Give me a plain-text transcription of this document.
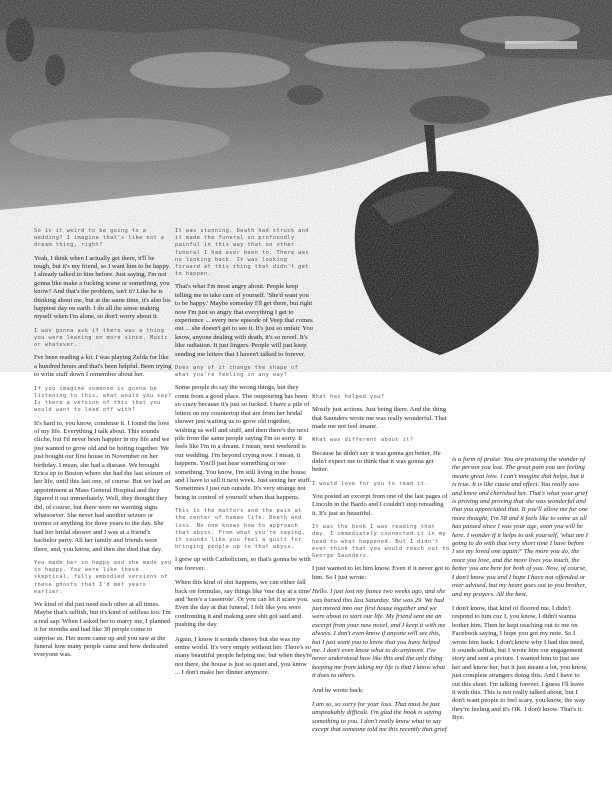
So is it weird to be going to a wedding? I imagine that's like not a dream thing, right?

Yeah, I think when I actually get there, it'll be tough, but it's my friend, so I want him to be happy. I already talked to him before. Just saying, I'm not gonna like make a fucking scene or something, you know? And that's the problem, isn't it? Like he is thinking about me, but at the same time, it's also his happiest day on earth. I do all the sense making myself when I'm alone, so don't worry about it.

I was gonna ask if there was a thing you were leaning on more since. Music or whatever.

I've been reading a lot. I was playing Zelda for like a hundred hours and that's been helpful. Been trying to write stuff down I remember about her.

If you imagine someone is gonna be listening to this, what would you say? Is there a version of this that you would want to lead off with?

It's hard to, you know, condense it. I found the love of my life. Everything I talk about. This sounds cliche, but I'd never been happier in my life and we just wanted to grow old and be boring together. We just bought our first house in November on her birthday. I mean, she had a disease. We brought Erica up to Boston where she had the last seizure of her life, until this last one, of course. But we had an appointment at Mass General Hospital and they figured it out immediately. Well, they thought they did, of course, but there were no warning signs whatsoever. She never had another seizure or tremor or anything for three years to the day. She had her bridal shower and I was at a friend's bachelor party. All her family and friends were there, and, you know, and then she died that day.

You made her so happy and she made you so happy. You were like these skeptical, fully embodied versions of these ghosts that I'd met years earlier.

We kind of did just need each other at all times. Maybe that's selfish, but it's kind of selfless too. I'm a real sap. When I asked her to marry me, I planned it for months and had like 30 people come to surprise us. Her mom came up and you saw at the funeral how many people came and how dedicated everyone was.

It was stunning. Death had struck and it made the funeral so profoundly painful in this way that no other funeral I had ever been to. There was no looking back. It was looking forward at this thing that didn't get to happen.

That's what I'm most angry about. People keep telling me to take care of yourself. 'She'd want you to be happy.' Maybe someday I'll get there, but right now I'm just so angry that everything I get to experience ... every new episode of Veep that comes out ... she doesn't get to see it. It's just so unfair. You know, anyone dealing with death, it's so novel. It's like radiation. It just lingers. People will just keep sending me letters that I haven't talked to forever.

Does any of it change the shape of what you're feeling in any way?

Some people do say the wrong things, but they come from a good place. The outpouring has been so crazy because it's just so fucked. I have a pile of letters on my countertop that are from her bridal shower just waiting us to grow old together, wishing us well and stuff, and then there's the next pile from the same people saying I'm so sorry. It feels like I'm in a dream. I mean, next weekend is our wedding. I'm beyond crying now. I mean, it happens. You'll just hear something or see something. You know, I'm still living in the house and I have to sell it next week. Just seeing her stuff. Sometimes I just run outside. It's very strange not being in control of yourself when that happens.

This is the matters and the pain at the center of human life. Death and loss. No one knows how to approach that abyss. From what you're saying, it sounds like you feel a guilt for bringing people up to that abyss.

I grew up with Catholicism, so that's gonna be with me forever.

When this kind of shit happens, we can either fall back on formulas, say things like 'one day at a time' and 'here's a casserole'. Or you can let it scare you. Even the day at that funeral, I felt like you were confronting it and making sure shit got said and pushing the day.

Again, I know it sounds cheesy but she was my entire world. It's very empty without her. There's so many beautiful people helping me, but when they're not there, the house is just so quiet and, you know ... I don't make her dinner anymore.

What has helped you?

Mostly just actions. Just being there. And the thing that Saunders wrote me was really wonderful. That made me not feel insane.

What was different about it?

Because he didn't say it was gonna get better. He didn't expect me to think that it was gonna get better.

I would love for you to read it.

You posted an excerpt from one of the last pages of Lincoln in the Bardo and I couldn't stop rereading it. It's just so beautiful.

It was the book I was reading that day. I immediately connected it in my head to what happened. But I didn't ever think that you would reach out to George Saunders.

I just wanted to let him know. Even if it never got to him. So I just wrote:

Hello. I just lost my fiance two weeks ago, and she was buried this last Saturday. She was 29. We had just moved into our first house together and we were about to start our life. My friend sent me an excerpt from your new novel, and I keep it with me always. I don't even know if anyone will see this, but I just want you to know that you have helped me. I don't even know what to do anymore. I've never understood how like this and the only thing keeping me from taking my life is that I know what it does to others.

And he wrote back:

I am so, so sorry for your loss. That must be just unspeakably difficult. I'm glad the book is saying something to you. I don't really know what to say except that someone told me this recently that grief

is a form of praise. You are praising the wonder of the person you lost. The great pain you are feeling means great love. I can't imagine that helps, but it is true. It is like cause and effect. You really saw and knew and cherished her. That's what your grief is proving and proving that she was wonderful and that you appreciated that. It you'll allow me for one more thought, I'm 58 and it feels like to some as all has passed since I was your age, soon you will be here. I wonder if it helps to ask yourself, 'what am I going to do with that very short time I have before I see my loved one again?' The more you do, the more you love, and the more lives you touch, the better you are here for both of you. Now, of course, I don't know you and I hope I have not offended or over advised, but my heart goes out to you brother, and my prayers. All the best.

I don't know, that kind of floored me. I didn't respond to him cuz I, you know, I didn't wanna bother him. Then he kept reaching out to me on Facebook saying, I hope you got my note. So I wrote him back. I don't know why I had this need, it sounds selfish, but I wrote him our engagement story and sent a picture. I wanted him to just see her and know her, but it just meant a lot, you know, just complete strangers doing this. And I have to cut this short. I'm talking forever. I guess I'll leave it with this. This is not really talked about, but I don't want people to feel scary, you know, the way they're feeling and it's OK. I don't know. That's it. Bye.
